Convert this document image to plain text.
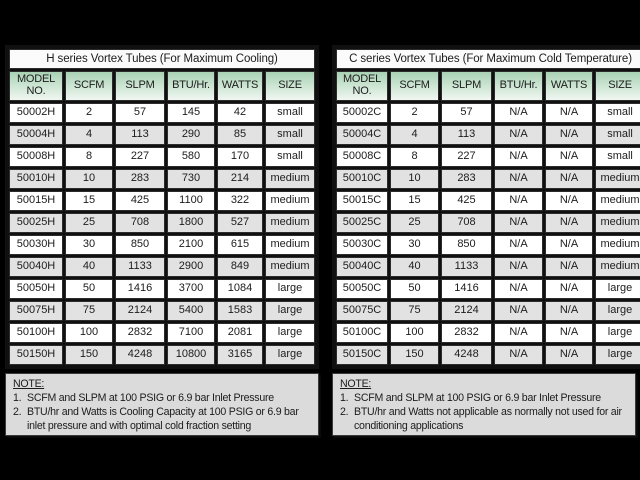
H series Vortex Tubes (For Maximum Cooling)					
MODEL NO.	SCFM	SLPM	BTU/Hr.	WATTS	SIZE
50002H	2	57	145	42	small
50004H	4	113	290	85	small
50008H	8	227	580	170	small
50010H	10	283	730	214	medium
50015H	15	425	1100	322	medium
50025H	25	708	1800	527	medium
50030H	30	850	2100	615	medium
50040H	40	1133	2900	849	medium
50050H	50	1416	3700	1084	large
50075H	75	2124	5400	1583	large
50100H	100	2832	7100	2081	large
50150H	150	4248	10800	3165	large
NOTE:
1. SCFM and SLPM at 100 PSIG or 6.9 bar Inlet Pressure
2. BTU/hr and Watts is Cooling Capacity at 100 PSIG or 6.9 bar inlet pressure and with optimal cold fraction setting
C series Vortex Tubes (For Maximum Cold Temperature)					
MODEL NO.	SCFM	SLPM	BTU/Hr.	WATTS	SIZE
50002C	2	57	N/A	N/A	small
50004C	4	113	N/A	N/A	small
50008C	8	227	N/A	N/A	small
50010C	10	283	N/A	N/A	medium
50015C	15	425	N/A	N/A	medium
50025C	25	708	N/A	N/A	medium
50030C	30	850	N/A	N/A	medium
50040C	40	1133	N/A	N/A	medium
50050C	50	1416	N/A	N/A	large
50075C	75	2124	N/A	N/A	large
50100C	100	2832	N/A	N/A	large
50150C	150	4248	N/A	N/A	large
NOTE:
1. SCFM and SLPM at 100 PSIG or 6.9 bar Inlet Pressure
2. BTU/hr and Watts not applicable as normally not used for air conditioning applications
